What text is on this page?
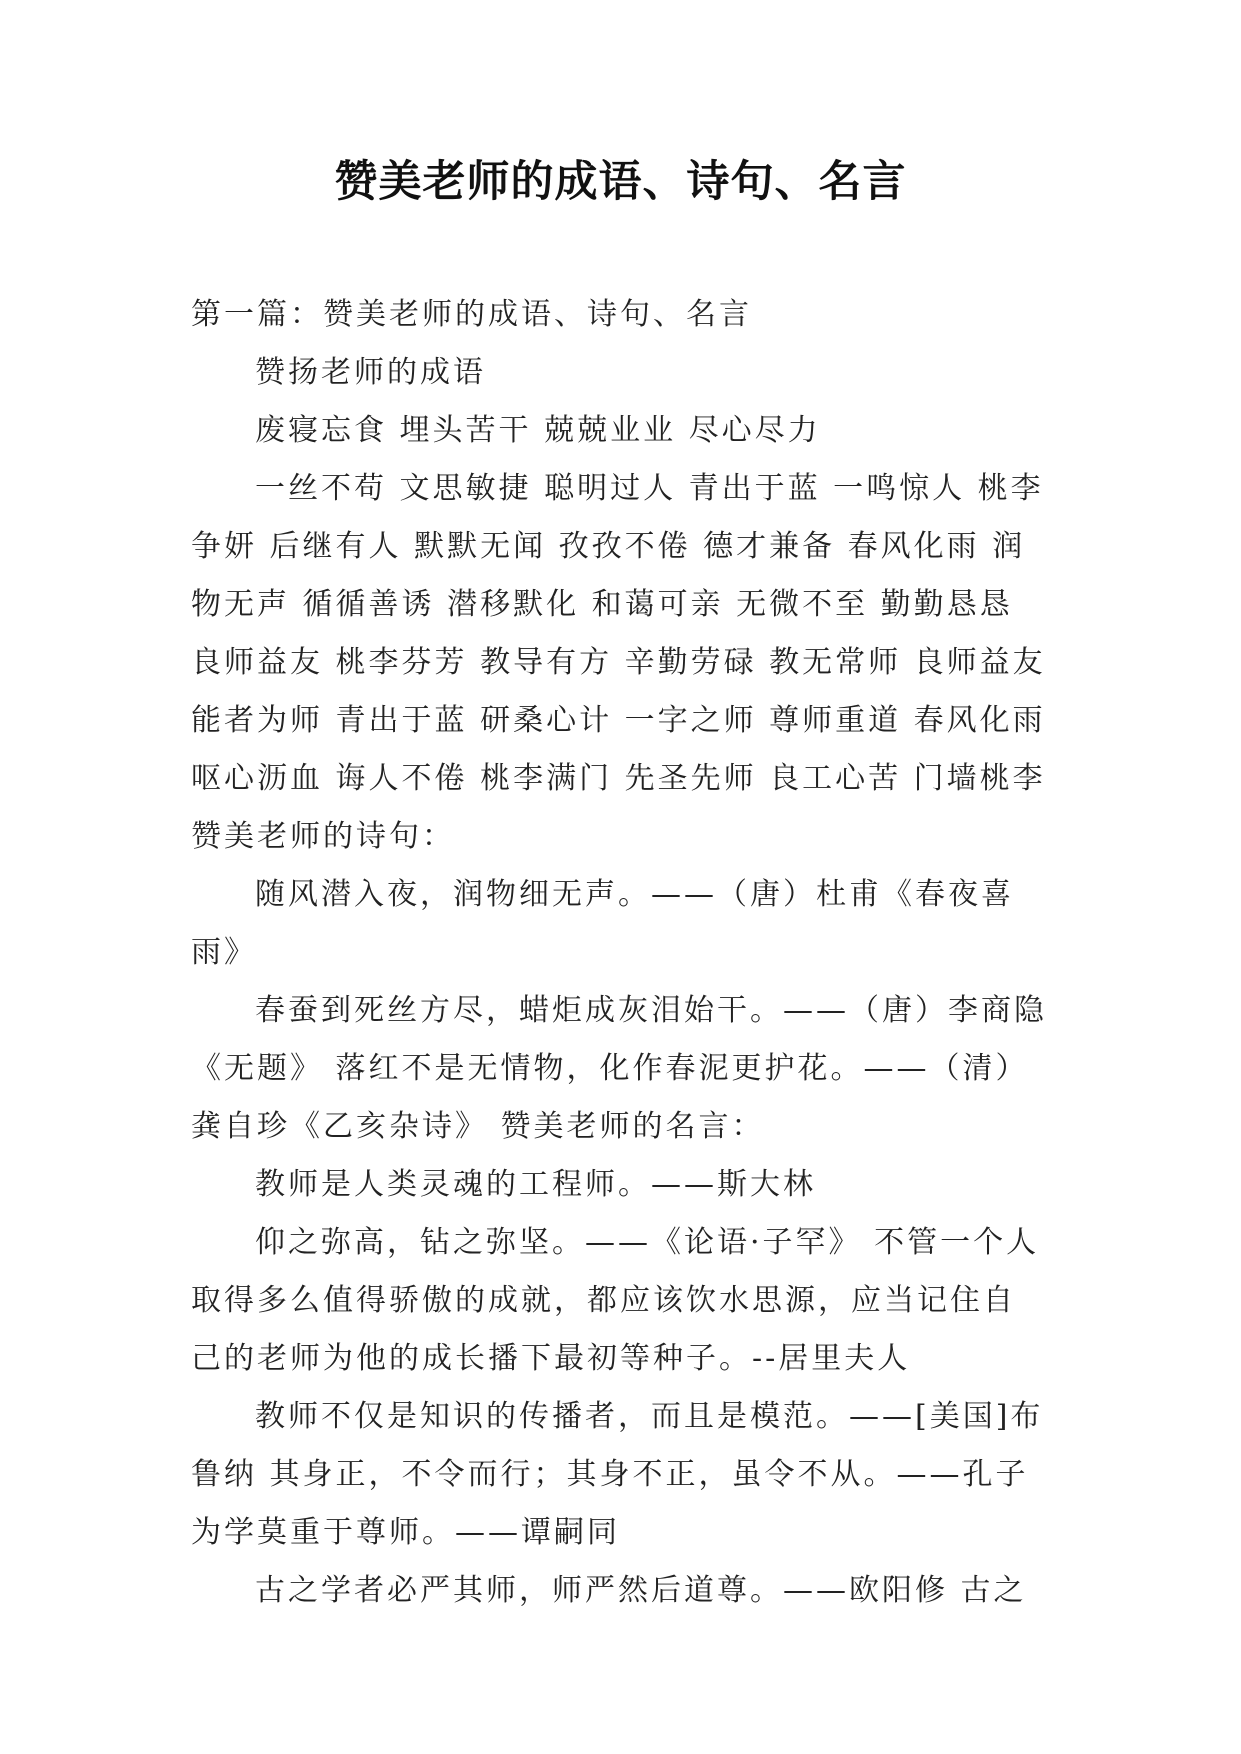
赞美老师的成语、诗句、名言

第一篇：赞美老师的成语、诗句、名言

赞扬老师的成语

废寝忘食 埋头苦干 兢兢业业 尽心尽力

一丝不苟 文思敏捷 聪明过人 青出于蓝 一鸣惊人 桃李争妍 后继有人 默默无闻 孜孜不倦 德才兼备 春风化雨 润物无声 循循善诱 潜移默化 和蔼可亲 无微不至 勤勤恳恳 良师益友 桃李芬芳 教导有方 辛勤劳碌 教无常师 良师益友 能者为师 青出于蓝 研桑心计 一字之师 尊师重道 春风化雨 呕心沥血 诲人不倦 桃李满门 先圣先师 良工心苦 门墙桃李 赞美老师的诗句：

随风潜入夜，润物细无声。——（唐）杜甫《春夜喜雨》

春蚕到死丝方尽，蜡炬成灰泪始干。——（唐）李商隐《无题》 落红不是无情物，化作春泥更护花。——（清）龚自珍《乙亥杂诗》 赞美老师的名言：

教师是人类灵魂的工程师。——斯大林

仰之弥高，钻之弥坚。——《论语·子罕》 不管一个人取得多么值得骄傲的成就，都应该饮水思源，应当记住自己的老师为他的成长播下最初等种子。--居里夫人

教师不仅是知识的传播者，而且是模范。——[美国]布鲁纳 其身正，不令而行；其身不正，虽令不从。——孔子 为学莫重于尊师。——谭嗣同

古之学者必严其师，师严然后道尊。——欧阳修 古之
